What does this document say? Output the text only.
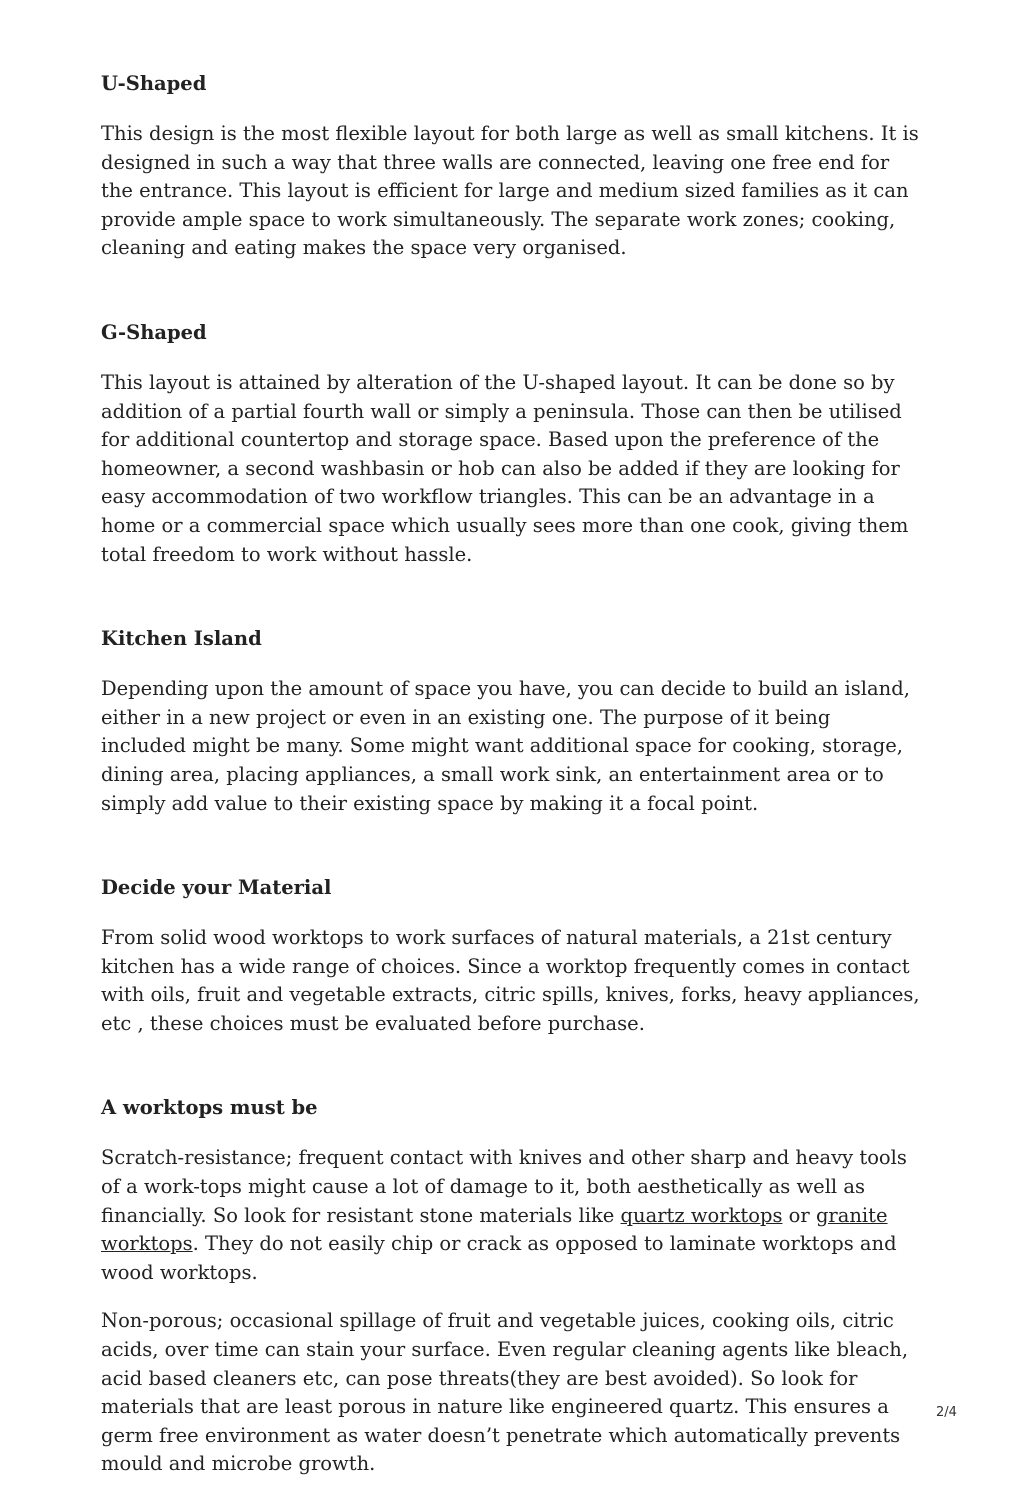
U-Shaped
This design is the most flexible layout for both large as well as small kitchens. It is designed in such a way that three walls are connected, leaving one free end for the entrance. This layout is efficient for large and medium sized families as it can provide ample space to work simultaneously. The separate work zones; cooking, cleaning and eating makes the space very organised.
G-Shaped
This layout is attained by alteration of the U-shaped layout. It can be done so by addition of a partial fourth wall or simply a peninsula. Those can then be utilised for additional countertop and storage space. Based upon the preference of the homeowner, a second washbasin or hob can also be added if they are looking for easy accommodation of two workflow triangles. This can be an advantage in a home or a commercial space which usually sees more than one cook, giving them total freedom to work without hassle.
Kitchen Island
Depending upon the amount of space you have, you can decide to build an island, either in a new project or even in an existing one. The purpose of it being included might be many. Some might want additional space for cooking, storage, dining area, placing appliances, a small work sink, an entertainment area or to simply add value to their existing space by making it a focal point.
Decide your Material
From solid wood worktops to work surfaces of natural materials, a 21st century kitchen has a wide range of choices. Since a worktop frequently comes in contact with oils, fruit and vegetable extracts, citric spills, knives, forks, heavy appliances, etc , these choices must be evaluated before purchase.
A worktops must be
Scratch-resistance; frequent contact with knives and other sharp and heavy tools of a work-tops might cause a lot of damage to it, both aesthetically as well as financially. So look for resistant stone materials like quartz worktops or granite worktops. They do not easily chip or crack as opposed to laminate worktops and wood worktops.
Non-porous; occasional spillage of fruit and vegetable juices, cooking oils, citric acids, over time can stain your surface. Even regular cleaning agents like bleach, acid based cleaners etc, can pose threats(they are best avoided). So look for materials that are least porous in nature like engineered quartz. This ensures a germ free environment as water doesn’t penetrate which automatically prevents mould and microbe growth.
2/4
